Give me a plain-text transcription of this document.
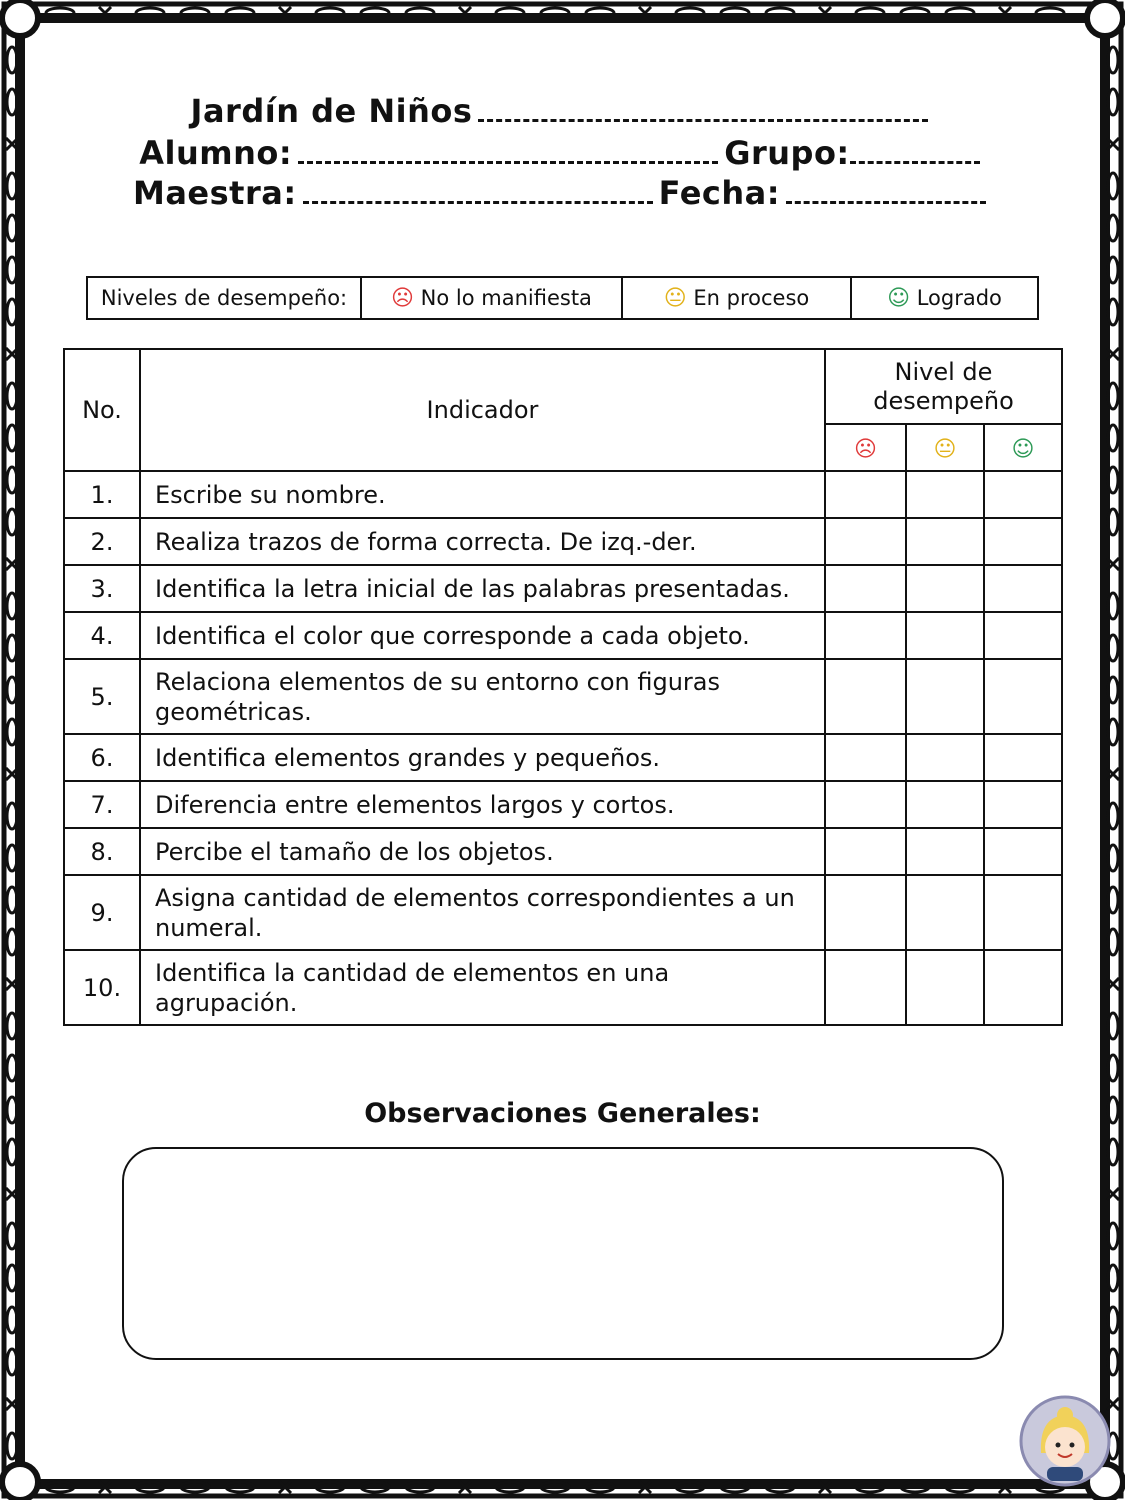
Jardín de Niños
Alumno:	Grupo:
Maestra:	Fecha:
Niveles de desempeño:	☹ No lo manifiesta	😐︎ En proceso	☺ Logrado
No.	Indicador	Nivel de desempeño		
		☹	😐︎	☺
1.	Escribe su nombre.			
2.	Realiza trazos de forma correcta. De izq.-der.			
3.	Identifica la letra inicial de las palabras presentadas.			
4.	Identifica el color que corresponde a cada objeto.			
5.	Relaciona elementos de su entorno con figuras geométricas.			
6.	Identifica elementos grandes y pequeños.			
7.	Diferencia entre elementos largos y cortos.			
8.	Percibe el tamaño de los objetos.			
9.	Asigna cantidad de elementos correspondientes a un numeral.			
10.	Identifica la cantidad de elementos en una agrupación.			
Observaciones Generales:
